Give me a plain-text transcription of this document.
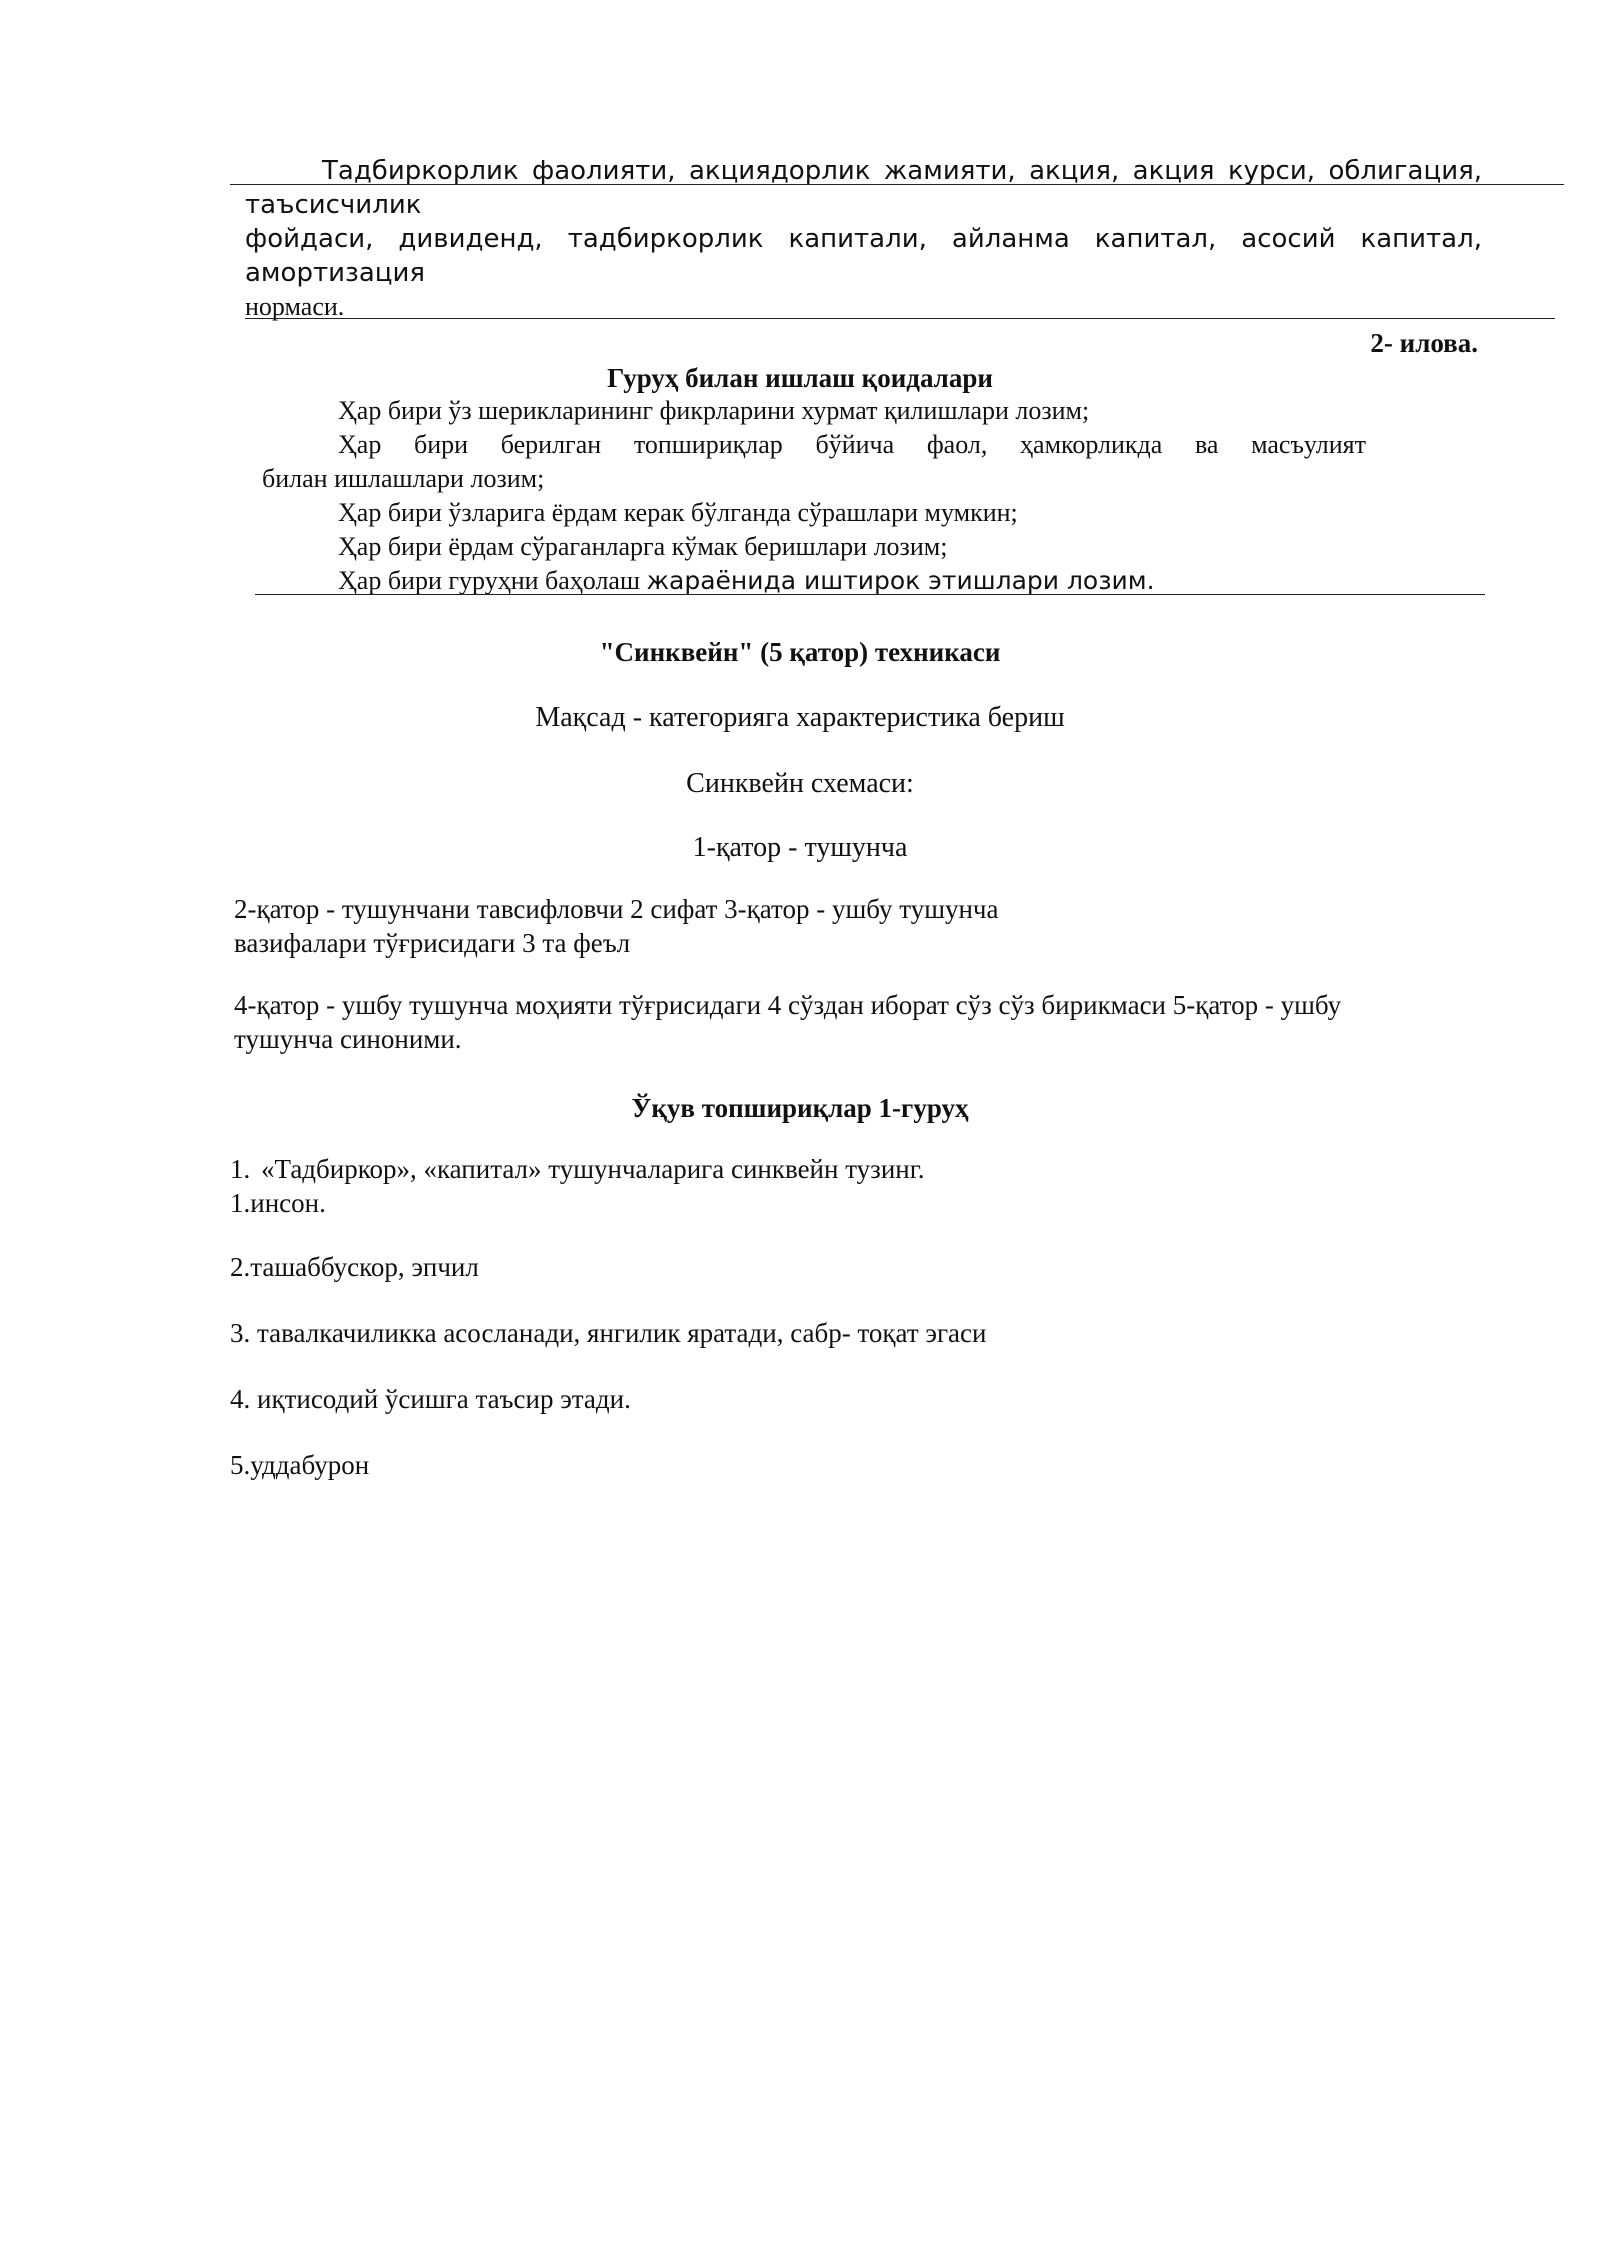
Тадбиркорлик фаолияти, акциядорлик жамияти, акция, акция курси, облигация,
таъсисчилик
фойдаси, дивиденд, тадбиркорлик капитали, айланма капитал, асосий капитал,
амортизация
нормаси.
2- илова.
Гуруҳ билан ишлаш қоидалари
Ҳар бири ўз шерикларининг фикрларини хурмат қилишлари лозим;
Ҳар бири берилган топшириқлар бўйича фаол, ҳамкорликда ва масъулият
билан ишлашлари лозим;
Ҳар бири ўзларига ёрдам керак бўлганда сўрашлари мумкин;
Ҳар бири ёрдам сўраганларга кўмак беришлари лозим;
Ҳар бири гуруҳни баҳолаш жараёнида иштирок этишлари лозим.
"Синквейн" (5 қатор) техникаси
Мақсад - категорияга характеристика бериш
Синквейн схемаси:
1-қатор - тушунча
2-қатор - тушунчани тавсифловчи 2 сифат 3-қатор - ушбу тушунча
вазифалари тўғрисидаги 3 та феъл
4-қатор - ушбу тушунча моҳияти тўғрисидаги 4 сўздан иборат сўз сўз бирикмаси 5-қатор - ушбу
тушунча синоними.
Ўқув топшириқлар 1-гуруҳ
1. «Тадбиркор», «капитал» тушунчаларига синквейн тузинг.
1.инсон.
2.ташаббускор, эпчил
3. тавалкачиликка асосланади, янгилик яратади, сабр- тоқат эгаси
4. иқтисодий ўсишга таъсир этади.
5.уддабурон
